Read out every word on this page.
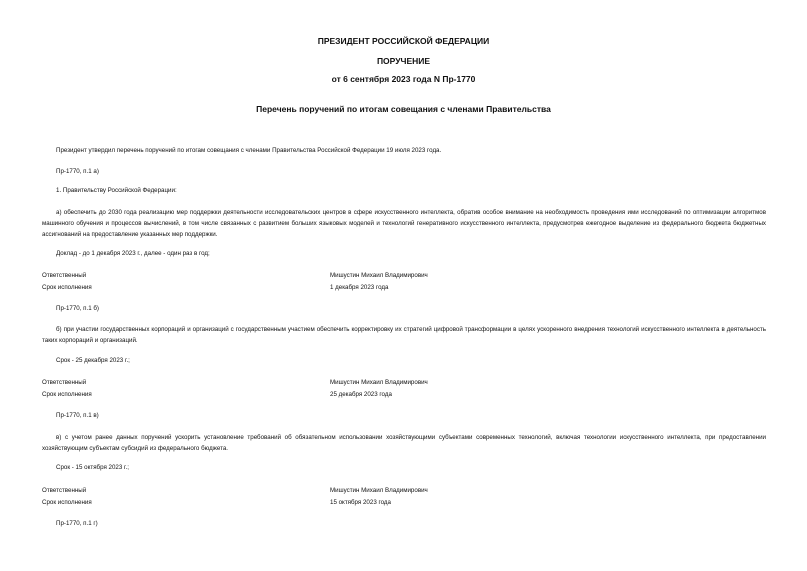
ПРЕЗИДЕНТ РОССИЙСКОЙ ФЕДЕРАЦИИ
ПОРУЧЕНИЕ
от 6 сентября 2023 года N Пр-1770
Перечень поручений по итогам совещания с членами Правительства
Президент утвердил перечень поручений по итогам совещания с членами Правительства Российской Федерации 19 июля 2023 года.
Пр-1770, п.1 а)
1. Правительству Российской Федерации:
а) обеспечить до 2030 года реализацию мер поддержки деятельности исследовательских центров в сфере искусственного интеллекта, обратив особое внимание на необходимость проведения ими исследований по оптимизации алгоритмов машинного обучения и процессов вычислений, в том числе связанных с развитием больших языковых моделей и технологий генеративного искусственного интеллекта, предусмотрев ежегодное выделение из федерального бюджета бюджетных ассигнований на предоставление указанных мер поддержки.
Доклад - до 1 декабря 2023 г., далее - один раз в год;
Ответственный	Мишустин Михаил Владимирович
Срок исполнения	1 декабря 2023 года
Пр-1770, п.1 б)
б) при участии государственных корпораций и организаций с государственным участием обеспечить корректировку их стратегий цифровой трансформации в целях ускоренного внедрения технологий искусственного интеллекта в деятельность таких корпораций и организаций.
Срок - 25 декабря 2023 г.;
Ответственный	Мишустин Михаил Владимирович
Срок исполнения	25 декабря 2023 года
Пр-1770, п.1 в)
в) с учетом ранее данных поручений ускорить установление требований об обязательном использовании хозяйствующими субъектами современных технологий, включая технологии искусственного интеллекта, при предоставлении хозяйствующим субъектам субсидий из федерального бюджета.
Срок - 15 октября 2023 г.;
Ответственный	Мишустин Михаил Владимирович
Срок исполнения	15 октября 2023 года
Пр-1770, п.1 г)
